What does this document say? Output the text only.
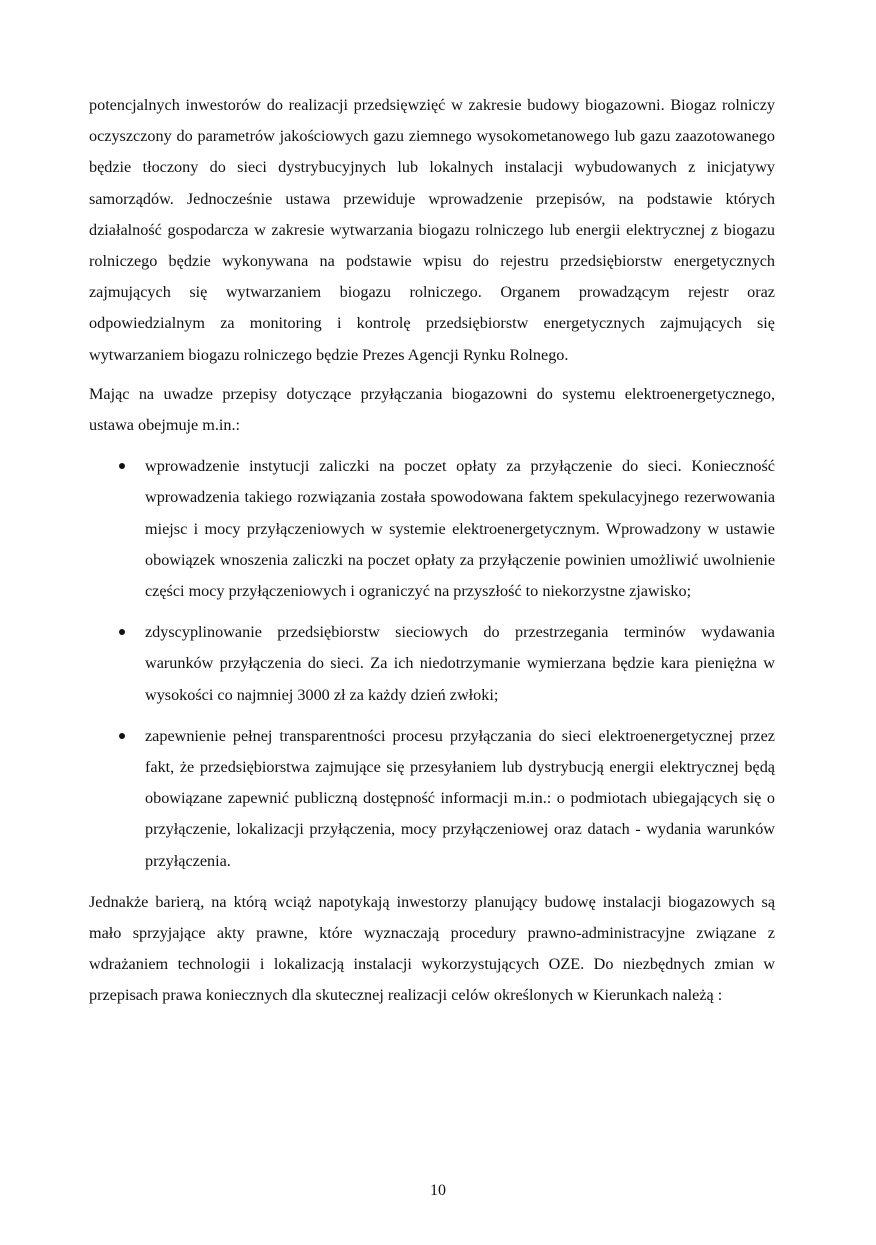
potencjalnych inwestorów do realizacji przedsięwzięć w zakresie budowy biogazowni. Biogaz rolniczy oczyszczony do parametrów jakościowych gazu ziemnego wysokometanowego lub gazu zaazotowanego będzie tłoczony do sieci dystrybucyjnych lub lokalnych instalacji wybudowanych z inicjatywy samorządów. Jednocześnie ustawa przewiduje wprowadzenie przepisów, na podstawie których działalność gospodarcza w zakresie wytwarzania biogazu rolniczego lub energii elektrycznej z biogazu rolniczego będzie wykonywana na podstawie wpisu do rejestru przedsiębiorstw energetycznych zajmujących się wytwarzaniem biogazu rolniczego. Organem prowadzącym rejestr oraz odpowiedzialnym za monitoring i kontrolę przedsiębiorstw energetycznych zajmujących się wytwarzaniem biogazu rolniczego będzie Prezes Agencji Rynku Rolnego.

Mając na uwadze przepisy dotyczące przyłączania biogazowni do systemu elektroenergetycznego, ustawa obejmuje m.in.:

wprowadzenie instytucji zaliczki na poczet opłaty za przyłączenie do sieci. Konieczność wprowadzenia takiego rozwiązania została spowodowana faktem spekulacyjnego rezerwowania miejsc i mocy przyłączeniowych w systemie elektroenergetycznym. Wprowadzony w ustawie obowiązek wnoszenia zaliczki na poczet opłaty za przyłączenie powinien umożliwić uwolnienie części mocy przyłączeniowych i ograniczyć na przyszłość to niekorzystne zjawisko;
zdyscyplinowanie przedsiębiorstw sieciowych do przestrzegania terminów wydawania warunków przyłączenia do sieci. Za ich niedotrzymanie wymierzana będzie kara pieniężna w wysokości co najmniej 3000 zł za każdy dzień zwłoki;
zapewnienie pełnej transparentności procesu przyłączania do sieci elektroenergetycznej przez fakt, że przedsiębiorstwa zajmujące się przesyłaniem lub dystrybucją energii elektrycznej będą obowiązane zapewnić publiczną dostępność informacji m.in.: o podmiotach ubiegających się o przyłączenie, lokalizacji przyłączenia, mocy przyłączeniowej oraz datach - wydania warunków przyłączenia.

Jednakże barierą, na którą wciąż napotykają inwestorzy planujący budowę instalacji biogazowych są mało sprzyjające akty prawne, które wyznaczają procedury prawno-administracyjne związane z wdrażaniem technologii i lokalizacją instalacji wykorzystujących OZE. Do niezbędnych zmian w przepisach prawa koniecznych dla skutecznej realizacji celów określonych w Kierunkach należą :

10
